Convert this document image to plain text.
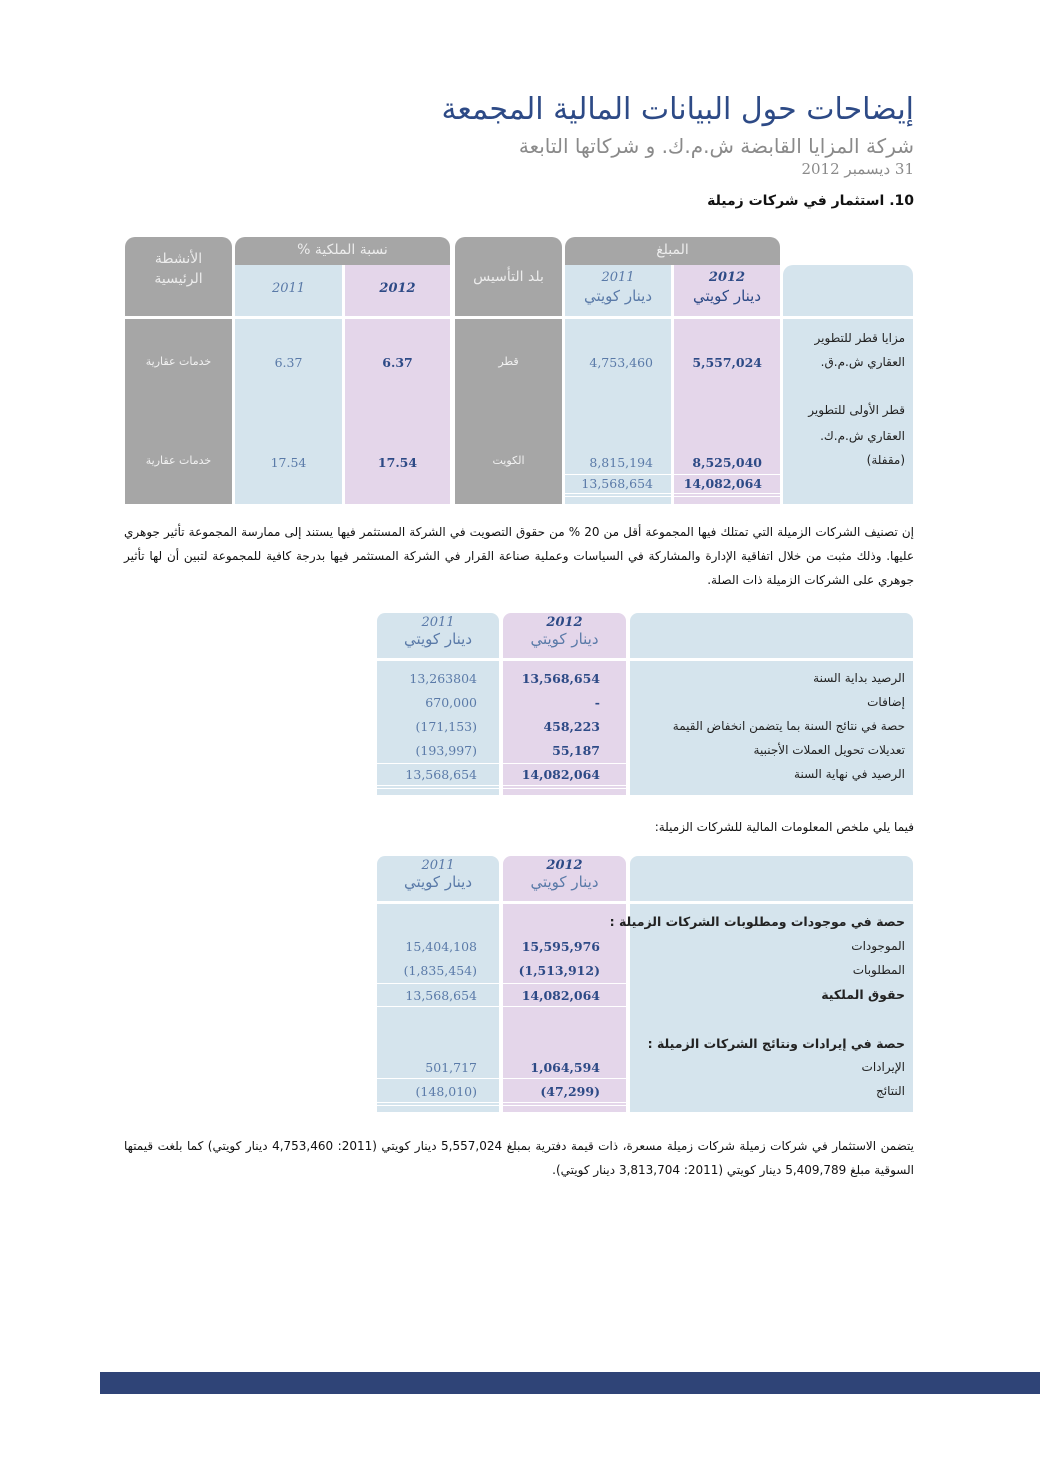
إيضاحات حول البيانات المالية المجمعة
شركة المزايا القابضة ش.م.ك. و شركاتها التابعة
31 ديسمبر 2012
10. استثمار في شركات زميلة
الأنشطة
الرئيسية
خدمات عقارية
خدمات عقارية
نسبة الملكية %
2011
6.37
17.54
2012
6.37
17.54
بلد التأسيس
قطر
الكويت
المبلغ
2011
دينار كويتي
4,753,460
8,815,194
13,568,654
2012
دينار كويتي
5,557,024
8,525,040
14,082,064
مزايا قطر للتطوير
العقاري ش.م.ق.
قطر الأولى للتطوير
العقاري ش.م.ك.
(مقفلة)
إن تصنيف الشركات الزميلة التي تمتلك فيها المجموعة أقل من 20 % من حقوق التصويت في الشركة المستثمر فيها يستند إلى ممارسة المجموعة تأثير جوهري عليها. وذلك مثبت من خلال اتفاقية الإدارة والمشاركة في السياسات وعملية صناعة القرار في الشركة المستثمر فيها بدرجة كافية للمجموعة لتبين أن لها تأثير جوهري على الشركات الزميلة ذات الصلة.
2011
دينار كويتي
13,263804
670,000
(171,153)
(193,997)
13,568,654
2012
دينار كويتي
13,568,654
-
458,223
55,187
14,082,064
الرصيد بداية السنة
إضافات
حصة في نتائج السنة بما يتضمن انخفاض القيمة
تعديلات تحويل العملات الأجنبية
الرصيد في نهاية السنة
فيما يلي ملخص المعلومات المالية للشركات الزميلة:
2011
دينار كويتي
15,404,108
(1,835,454)
13,568,654
501,717
(148,010)
2012
دينار كويتي
15,595,976
(1,513,912)
14,082,064
1,064,594
(47,299)
حصة في موجودات ومطلوبات الشركات الزميلة :
الموجودات
المطلوبات
حقوق الملكية
حصة في إيرادات ونتائج الشركات الزميلة :
الإيرادات
النتائج
يتضمن الاستثمار في شركات زميلة شركات زميلة مسعرة، ذات قيمة دفترية بمبلغ 5,557,024 دينار كويتي (2011: 4,753,460 دينار كويتي) كما بلغت قيمتها السوقية مبلغ 5,409,789 دينار كويتي (2011: 3,813,704 دينار كويتي).
